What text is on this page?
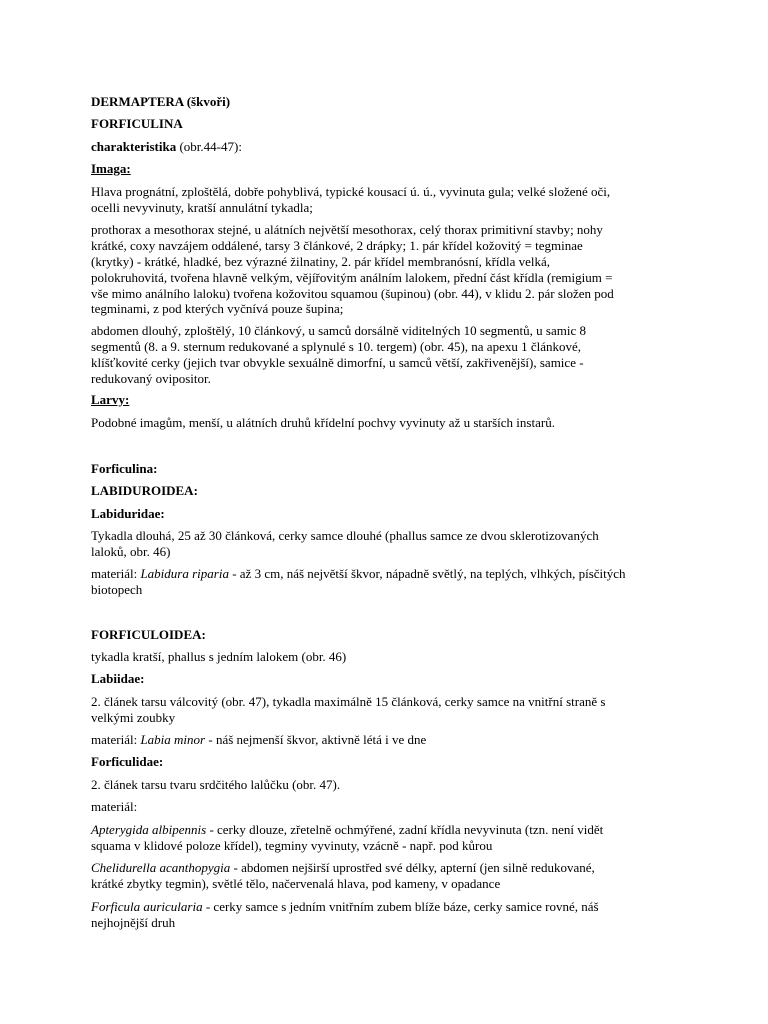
DERMAPTERA (škvoři)
FORFICULINA
charakteristika (obr.44-47):
Imaga:
Hlava prognátní, zploštělá, dobře pohyblivá, typické kousací ú. ú., vyvinuta gula; velké složené oči,
ocelli nevyvinuty, kratší annulátní tykadla;
prothorax a mesothorax stejné, u alátních největší mesothorax, celý thorax primitivní stavby; nohy
krátké, coxy navzájem oddálené, tarsy 3 článkové, 2 drápky; 1. pár křídel kožovitý = tegminae
(krytky) - krátké, hladké, bez výrazné žilnatiny, 2. pár křídel membranósní, křídla velká,
polokruhovitá, tvořena hlavně velkým, vějířovitým análním lalokem, přední část křídla (remigium =
vše mimo análního laloku) tvořena kožovitou squamou (šupinou) (obr. 44), v klidu 2. pár složen pod
tegminami, z pod kterých vyčnívá pouze šupina;
abdomen dlouhý, zploštělý, 10 článkový, u samců dorsálně viditelných 10 segmentů, u samic 8
segmentů (8. a 9. sternum redukované a splynulé s 10. tergem) (obr. 45), na apexu 1 článkové,
klíšťkovité cerky (jejich tvar obvykle sexuálně dimorfní, u samců větší, zakřivenější), samice -
redukovaný ovipositor.
Larvy:
Podobné imagům, menší, u alátních druhů křídelní pochvy vyvinuty až u starších instarů.
Forficulina:
LABIDUROIDEA:
Labiduridae:
Tykadla dlouhá, 25 až 30 článková, cerky samce dlouhé (phallus samce ze dvou sklerotizovaných
laloků, obr. 46)
materiál: Labidura riparia - až 3 cm, náš největší škvor, nápadně světlý, na teplých, vlhkých, písčitých
biotopech
FORFICULOIDEA:
tykadla kratší, phallus s jedním lalokem (obr. 46)
Labiidae:
2. článek tarsu válcovitý (obr. 47), tykadla maximálně 15 článková, cerky samce na vnitřní straně s
velkými zoubky
materiál: Labia minor - náš nejmenší škvor, aktivně létá i ve dne
Forficulidae:
2. článek tarsu tvaru srdčitého lalůčku (obr. 47).
materiál:
Apterygida albipennis - cerky dlouze, zřetelně ochmýřené, zadní křídla nevyvinuta (tzn. není vidět
squama v klidové poloze křídel), tegminy vyvinuty, vzácně - např. pod kůrou
Chelidurella acanthopygia - abdomen nejširší uprostřed své délky, apterní (jen silně redukované,
krátké zbytky tegmin), světlé tělo, načervenalá hlava, pod kameny, v opadance
Forficula auricularia - cerky samce s jedním vnitřním zubem blíže báze, cerky samice rovné, náš
nejhojnější druh
